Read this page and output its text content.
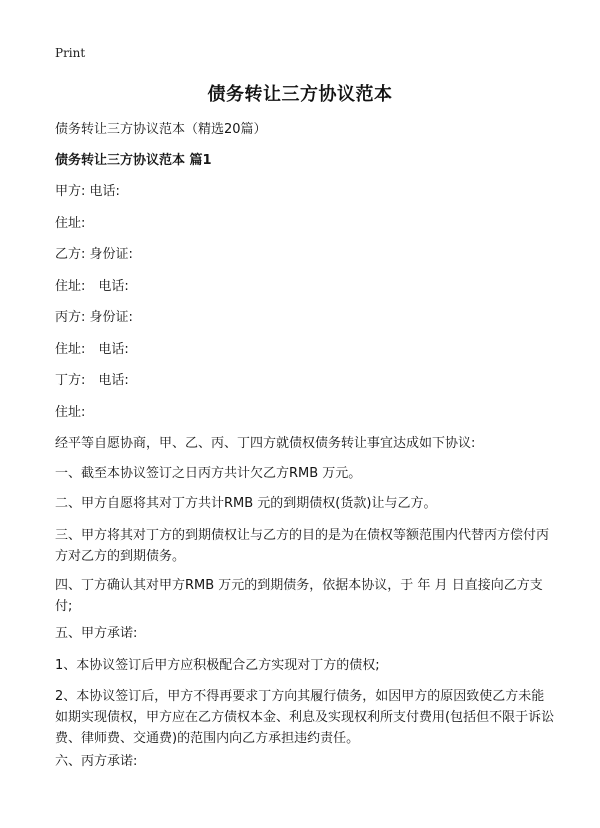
Print
债务转让三方协议范本
债务转让三方协议范本（精选20篇）
债务转让三方协议范本 篇1
甲方: 电话:
住址:
乙方: 身份证:
住址:　电话:
丙方: 身份证:
住址:　电话:
丁方:　电话:
住址:
经平等自愿协商，甲、乙、丙、丁四方就债权债务转让事宜达成如下协议:
一、截至本协议签订之日丙方共计欠乙方RMB 万元。
二、甲方自愿将其对丁方共计RMB 元的到期债权(货款)让与乙方。
三、甲方将其对丁方的到期债权让与乙方的目的是为在债权等额范围内代替丙方偿付丙方对乙方的到期债务。
四、丁方确认其对甲方RMB 万元的到期债务，依据本协议，于 年 月 日直接向乙方支付;
五、甲方承诺:
1、本协议签订后甲方应积极配合乙方实现对丁方的债权;
2、本协议签订后，甲方不得再要求丁方向其履行债务，如因甲方的原因致使乙方未能如期实现债权，甲方应在乙方债权本金、利息及实现权利所支付费用(包括但不限于诉讼费、律师费、交通费)的范围内向乙方承担违约责任。
六、丙方承诺:
